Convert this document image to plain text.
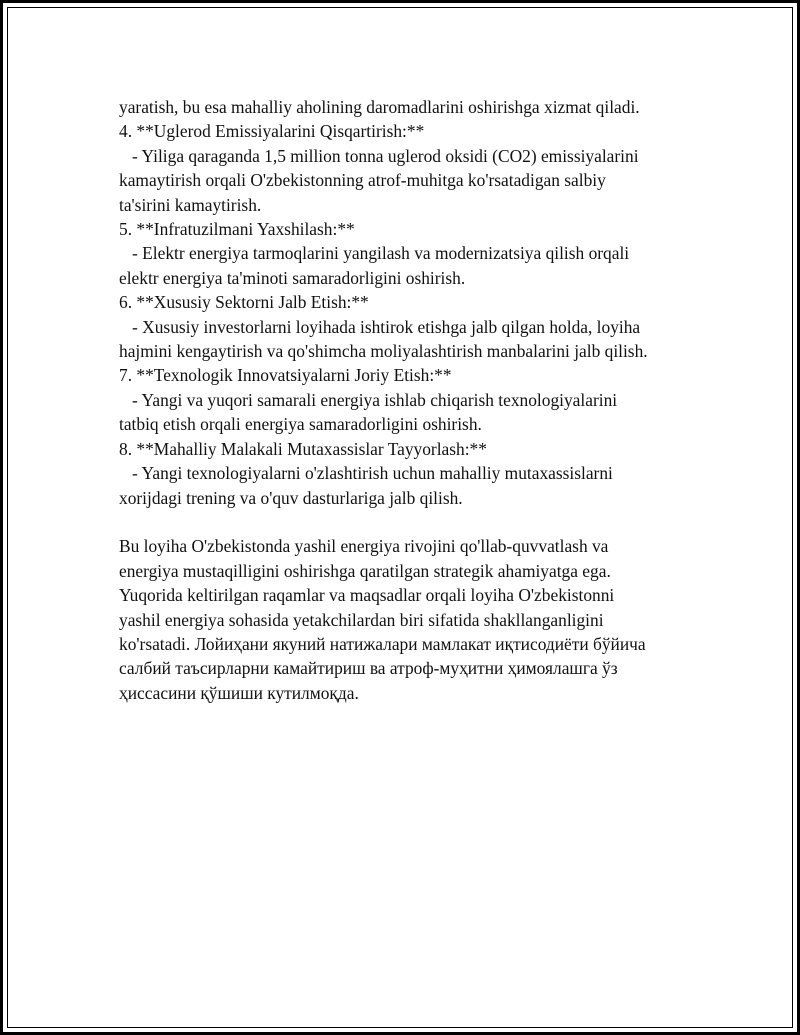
yaratish, bu esa mahalliy aholining daromadlarini oshirishga xizmat qiladi.
4. **Uglerod Emissiyalarini Qisqartirish:**
- Yiliga qaraganda 1,5 million tonna uglerod oksidi (CO2) emissiyalarini
kamaytirish orqali O'zbekistonning atrof-muhitga ko'rsatadigan salbiy
ta'sirini kamaytirish.
5. **Infratuzilmani Yaxshilash:**
- Elektr energiya tarmoqlarini yangilash va modernizatsiya qilish orqali
elektr energiya ta'minoti samaradorligini oshirish.
6. **Xususiy Sektorni Jalb Etish:**
- Xususiy investorlarni loyihada ishtirok etishga jalb qilgan holda, loyiha
hajmini kengaytirish va qo'shimcha moliyalashtirish manbalarini jalb qilish.
7. **Texnologik Innovatsiyalarni Joriy Etish:**
- Yangi va yuqori samarali energiya ishlab chiqarish texnologiyalarini
tatbiq etish orqali energiya samaradorligini oshirish.
8. **Mahalliy Malakali Mutaxassislar Tayyorlash:**
- Yangi texnologiyalarni o'zlashtirish uchun mahalliy mutaxassislarni
xorijdagi trening va o'quv dasturlariga jalb qilish.
Bu loyiha O'zbekistonda yashil energiya rivojini qo'llab-quvvatlash va
energiya mustaqilligini oshirishga qaratilgan strategik ahamiyatga ega.
Yuqorida keltirilgan raqamlar va maqsadlar orqali loyiha O'zbekistonni
yashil energiya sohasida yetakchilardan biri sifatida shakllanganligini
ko'rsatadi. Лойиҳани якуний натижалари мамлакат иқтисодиёти бўйича
салбий таъсирларни камайтириш ва атроф-муҳитни ҳимоялашга ўз
ҳиссасини қўшиши кутилмоқда.
